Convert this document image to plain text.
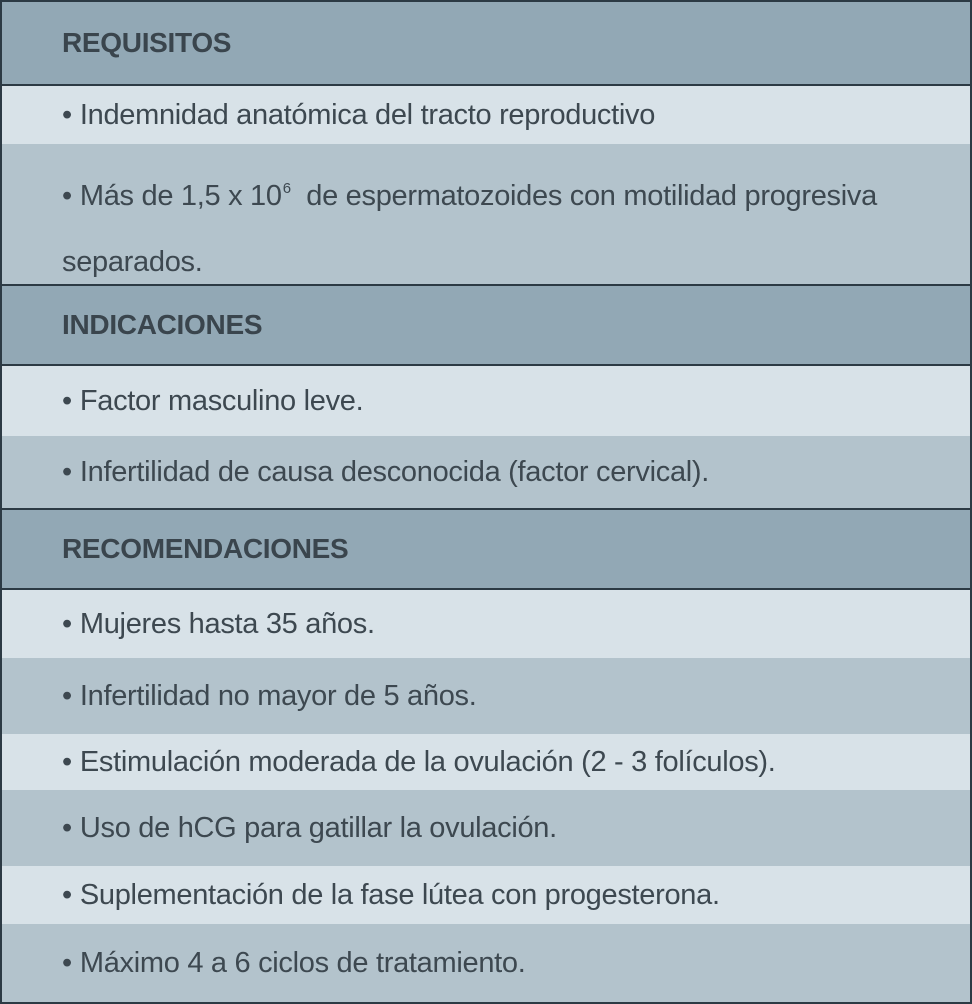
REQUISITOS
• Indemnidad anatómica del tracto reproductivo
• Más de 1,5 x $10^6$  de espermatozoides con motilidad progresiva separados.
INDICACIONES
• Factor masculino leve.
• Infertilidad de causa desconocida (factor cervical).
RECOMENDACIONES
• Mujeres hasta 35 años.
• Infertilidad no mayor de 5 años.
• Estimulación moderada de la ovulación (2 - 3 folículos).
• Uso de hCG para gatillar la ovulación.
• Suplementación de la fase lútea con progesterona.
• Máximo 4 a 6 ciclos de tratamiento.
